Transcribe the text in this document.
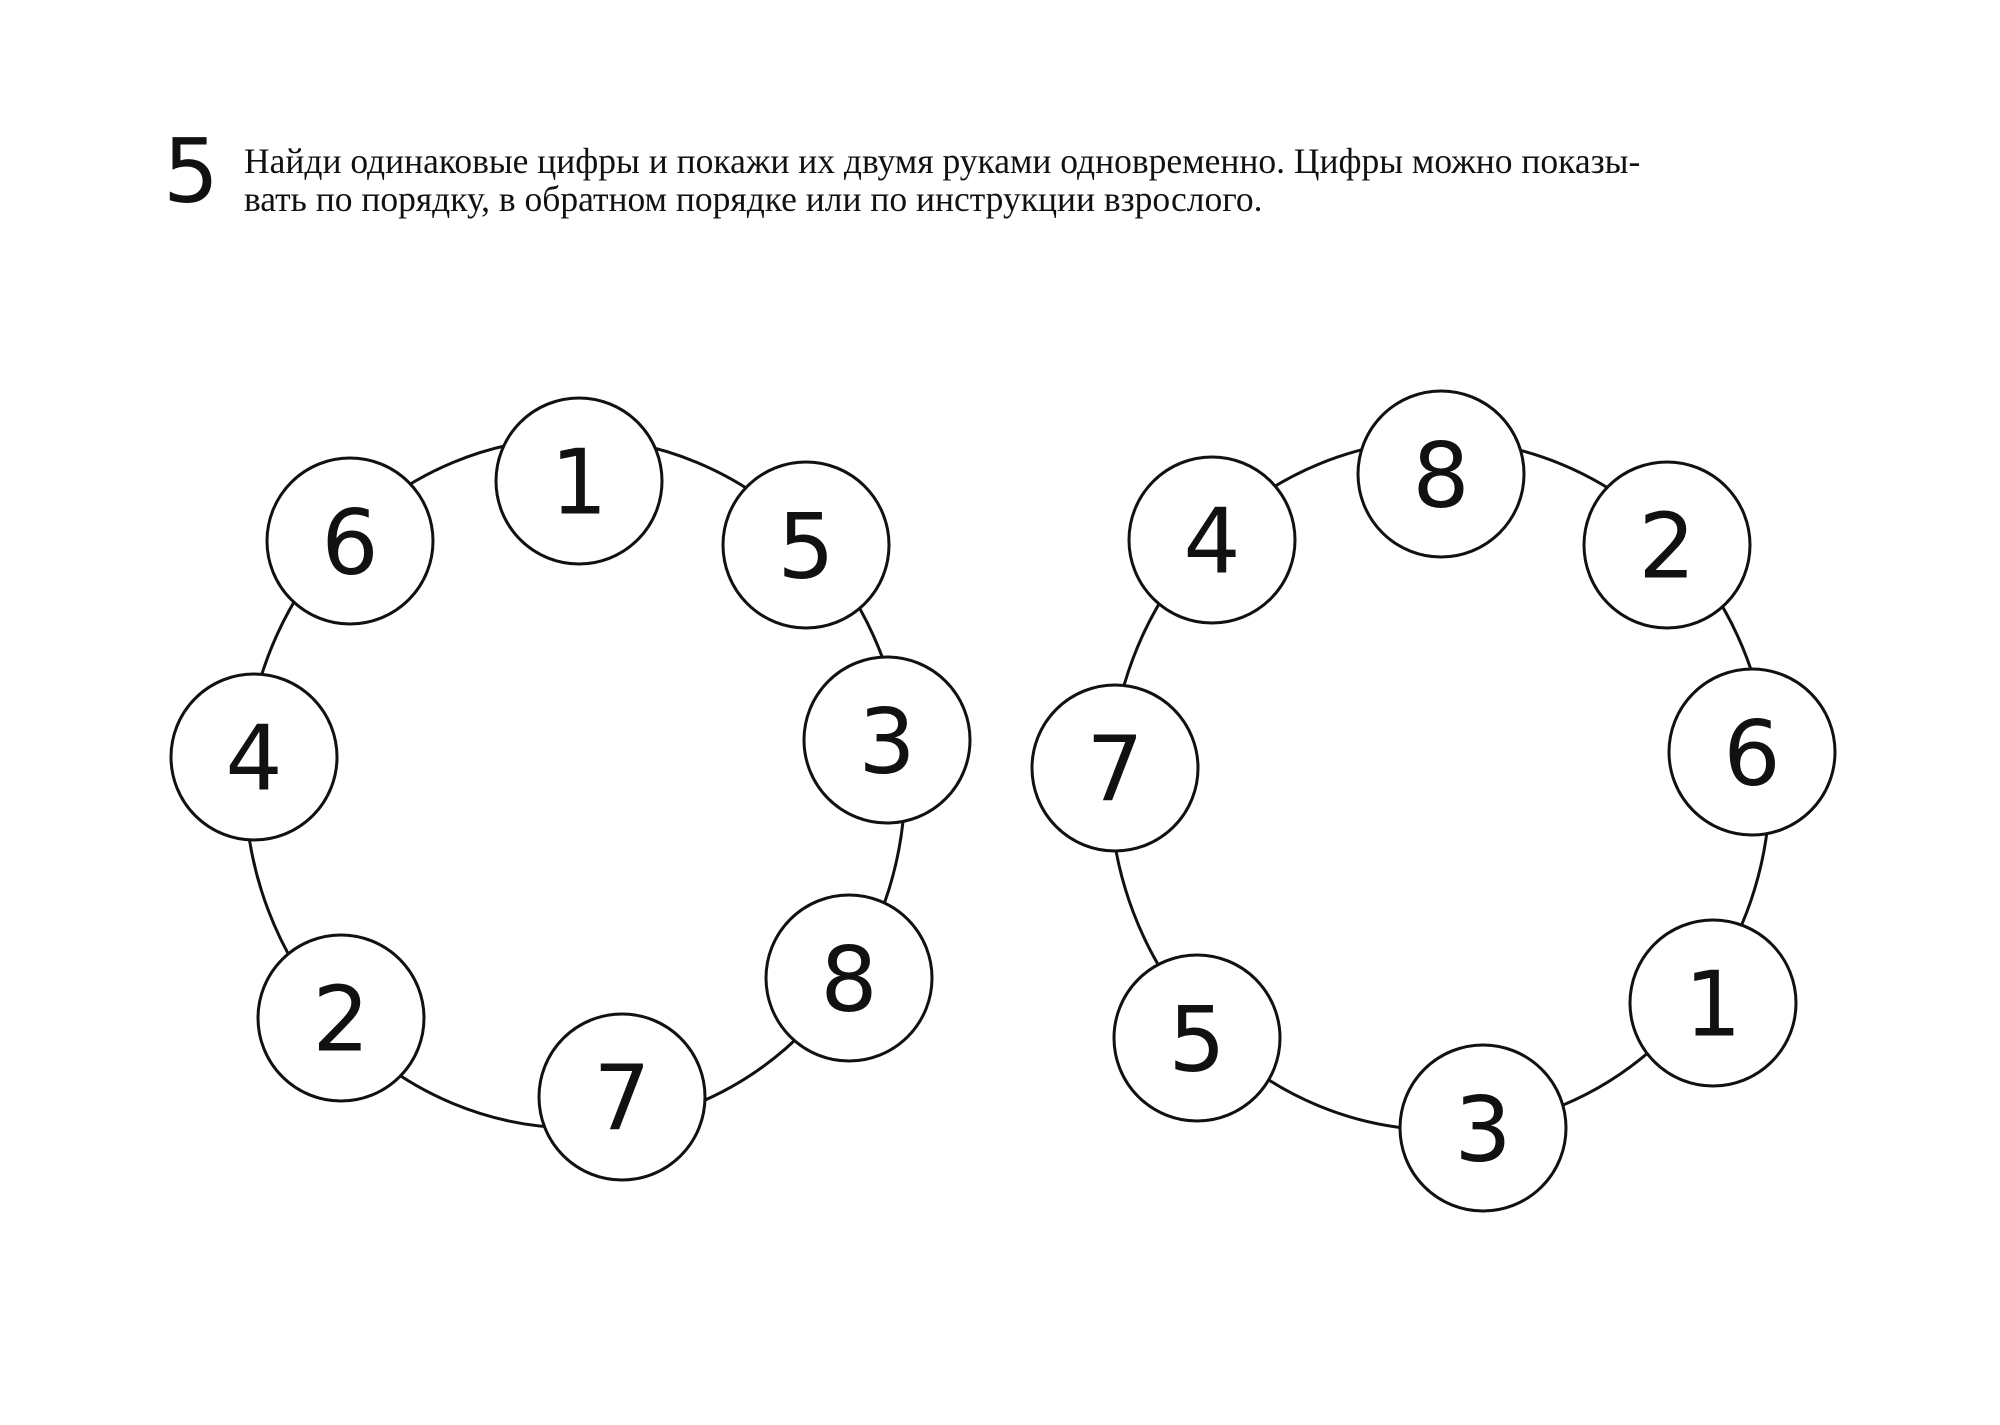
5 Найди одинаковые цифры и покажи их двумя руками одновременно. Цифры можно показы-
вать по порядку, в обратном порядке или по инструкции взрослого.
1
5
3
8
7
2
4
6
8
2
6
1
3
5
7
4
